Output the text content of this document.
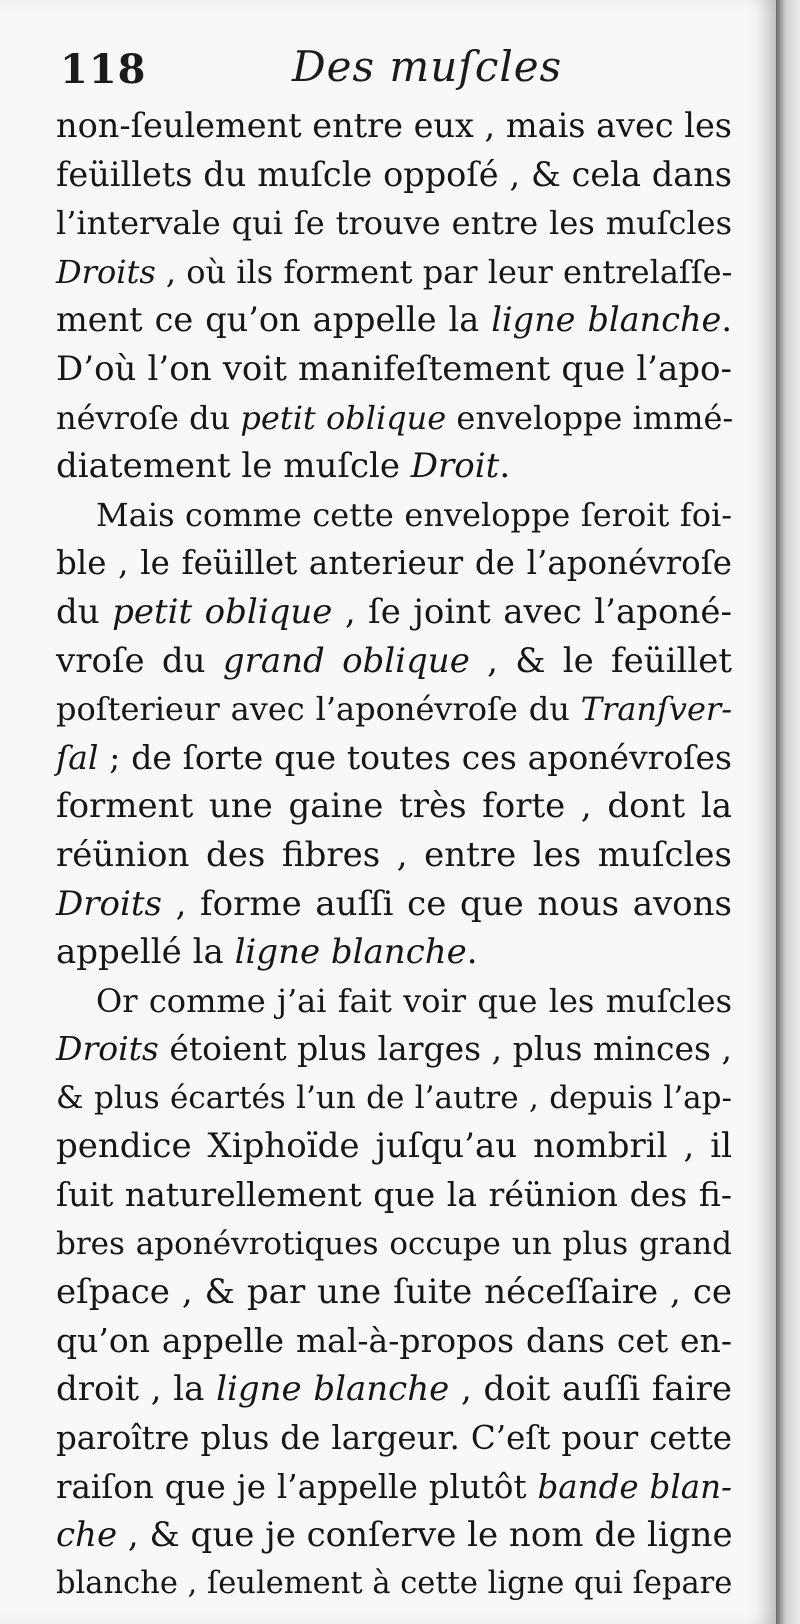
118	Des muſcles
non-ſeulement entre eux , mais avec les
feüillets du muſcle oppoſé , & cela dans
l’intervale qui ſe trouve entre les muſcles
Droits , où ils forment par leur entrelaſſe-
ment ce qu’on appelle la ligne blanche.
D’où l’on voit manifeſtement que l’apo-
névroſe du petit oblique enveloppe immé-
diatement le muſcle Droit.
Mais comme cette enveloppe ſeroit foi-
ble , le feüillet anterieur de l’aponévroſe
du petit oblique , ſe joint avec l’aponé-
vroſe du grand oblique , & le feüillet
poſterieur avec l’aponévroſe du Tranſver-
ſal ; de ſorte que toutes ces aponévroſes
forment une gaine très forte , dont la
réünion des fibres , entre les muſcles
Droits , forme auſſi ce que nous avons
appellé la ligne blanche.
Or comme j’ai fait voir que les muſcles
Droits étoient plus larges , plus minces ,
& plus écartés l’un de l’autre , depuis l’ap-
pendice Xiphoïde juſqu’au nombril , il
ſuit naturellement que la réünion des fi-
bres aponévrotiques occupe un plus grand
eſpace , & par une ſuite néceſſaire , ce
qu’on appelle mal-à-propos dans cet en-
droit , la ligne blanche , doit auſſi faire
paroître plus de largeur. C’eſt pour cette
raiſon que je l’appelle plutôt bande blan-
che , & que je conſerve le nom de ligne
blanche , ſeulement à cette ligne qui ſepare
